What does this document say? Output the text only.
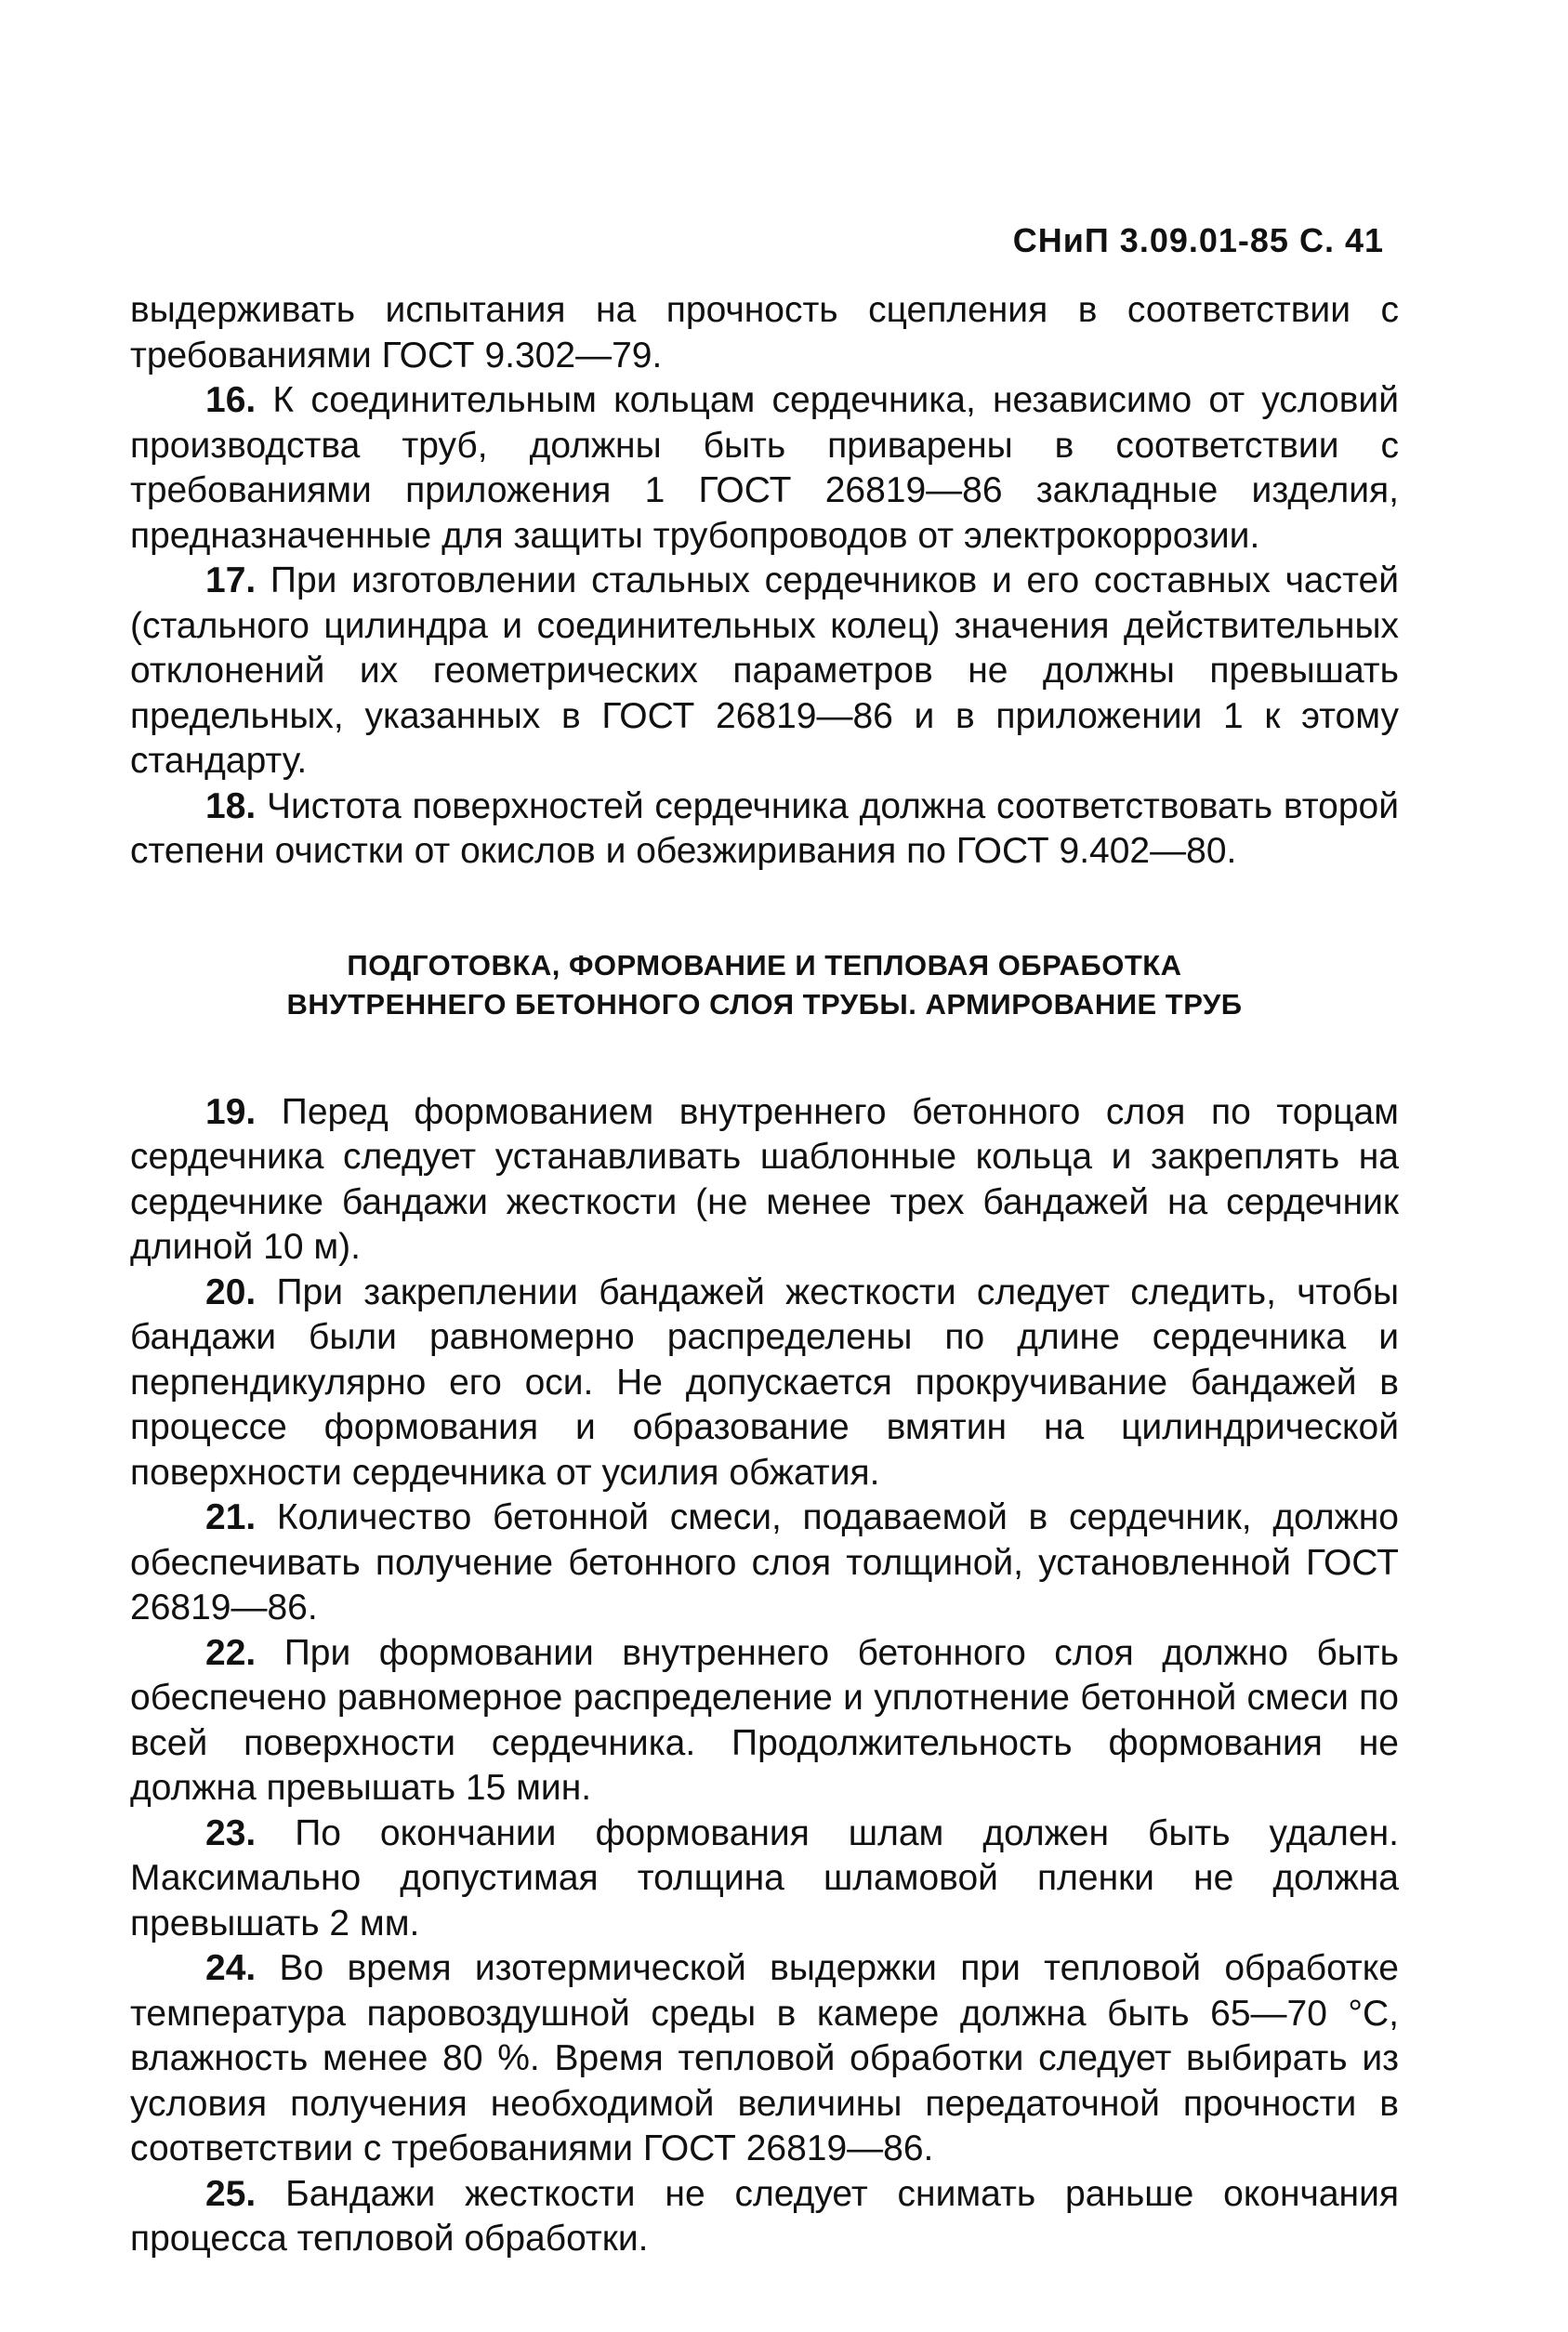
СНиП 3.09.01-85 С. 41

выдерживать испытания на прочность сцепления в соответствии с требованиями ГОСТ 9.302—79.

16. К соединительным кольцам сердечника, независимо от условий производства труб, должны быть приварены в соответствии с требованиями приложения 1 ГОСТ 26819—86 закладные изделия, предназначенные для защиты трубопроводов от электрокоррозии.

17. При изготовлении стальных сердечников и его составных частей (стального цилиндра и соединительных колец) значения действительных отклонений их геометрических параметров не должны превышать предельных, указанных в ГОСТ 26819—86 и в приложении 1 к этому стандарту.

18. Чистота поверхностей сердечника должна соответствовать второй степени очистки от окислов и обезжиривания по ГОСТ 9.402—80.

ПОДГОТОВКА, ФОРМОВАНИЕ И ТЕПЛОВАЯ ОБРАБОТКА
ВНУТРЕННЕГО БЕТОННОГО СЛОЯ ТРУБЫ. АРМИРОВАНИЕ ТРУБ

19. Перед формованием внутреннего бетонного слоя по торцам сердечника следует устанавливать шаблонные кольца и закреплять на сердечнике бандажи жесткости (не менее трех бандажей на сердечник длиной 10 м).

20. При закреплении бандажей жесткости следует следить, чтобы бандажи были равномерно распределены по длине сердечника и перпендикулярно его оси. Не допускается прокручивание бандажей в процессе формования и образование вмятин на цилиндрической поверхности сердечника от усилия обжатия.

21. Количество бетонной смеси, подаваемой в сердечник, должно обеспечивать получение бетонного слоя толщиной, установленной ГОСТ 26819—86.

22. При формовании внутреннего бетонного слоя должно быть обеспечено равномерное распределение и уплотнение бетонной смеси по всей поверхности сердечника. Продолжительность формования не должна превышать 15 мин.

23. По окончании формования шлам должен быть удален. Максимально допустимая толщина шламовой пленки не должна превышать 2 мм.

24. Во время изотермической выдержки при тепловой обработке температура паровоздушной среды в камере должна быть 65—70 °С, влажность менее 80 %. Время тепловой обработки следует выбирать из условия получения необходимой величины передаточной прочности в соответствии с требованиями ГОСТ 26819—86.

25. Бандажи жесткости не следует снимать раньше окончания процесса тепловой обработки.
